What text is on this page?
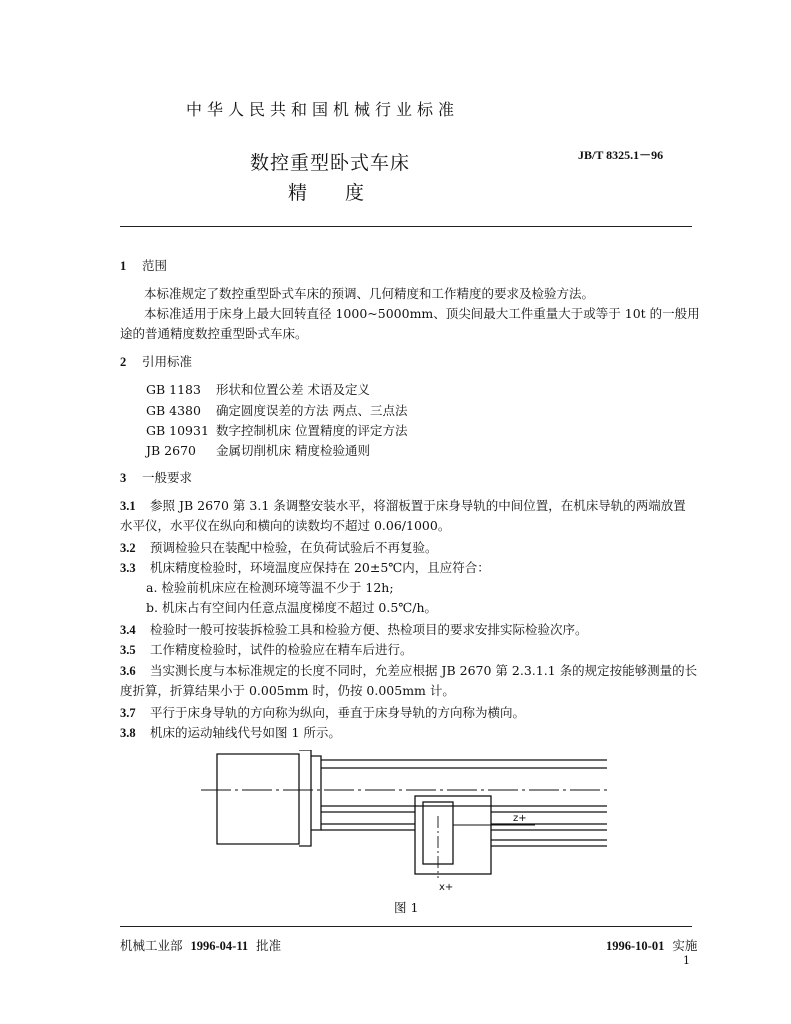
中华人民共和国机械行业标准
JB/T 8325.1－96
数控重型卧式车床
精度
1 范围
本标准规定了数控重型卧式车床的预调、几何精度和工作精度的要求及检验方法。
本标准适用于床身上最大回转直径 1000~5000mm、顶尖间最大工件重量大于或等于 10t 的一般用
途的普通精度数控重型卧式车床。
2 引用标准
GB 1183 形状和位置公差 术语及定义
GB 4380 确定圆度误差的方法 两点、三点法
GB 10931 数字控制机床 位置精度的评定方法
JB 2670 金属切削机床 精度检验通则
3 一般要求
3.1 参照 JB 2670 第 3.1 条调整安装水平，将溜板置于床身导轨的中间位置，在机床导轨的两端放置
水平仪，水平仪在纵向和横向的读数均不超过 0.06/1000。
3.2 预调检验只在装配中检验，在负荷试验后不再复验。
3.3 机床精度检验时，环境温度应保持在 20±5℃内，且应符合：
a. 检验前机床应在检测环境等温不少于 12h;
b. 机床占有空间内任意点温度梯度不超过 0.5℃/h。
3.4 检验时一般可按装拆检验工具和检验方便、热检项目的要求安排实际检验次序。
3.5 工作精度检验时，试件的检验应在精车后进行。
3.6 当实测长度与本标准规定的长度不同时，允差应根据 JB 2670 第 2.3.1.1 条的规定按能够测量的长
度折算，折算结果小于 0.005mm 时，仍按 0.005mm 计。
3.7 平行于床身导轨的方向称为纵向，垂直于床身导轨的方向称为横向。
3.8 机床的运动轴线代号如图 1 所示。
z+
x+
图 1
机械工业部 1996-04-11 批准	1996-10-01 实施
1
